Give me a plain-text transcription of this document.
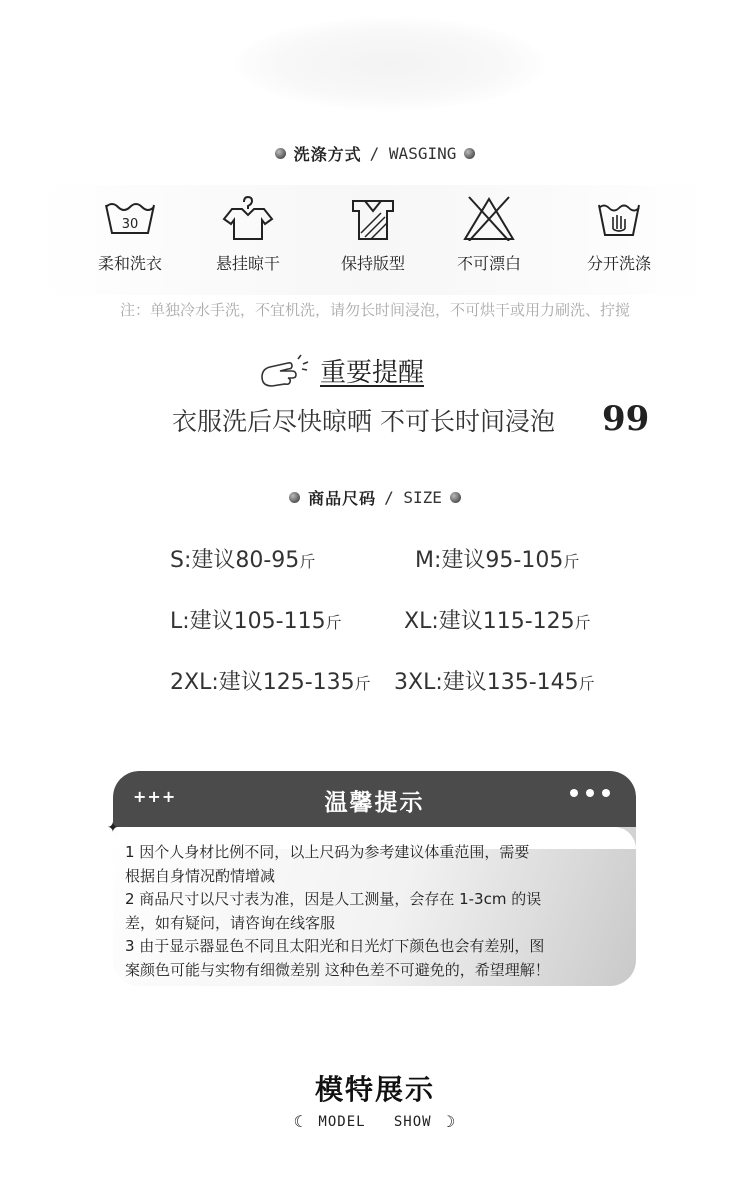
洗涤方式 / WASGING
30
柔和洗衣	悬挂晾干	保持版型	不可漂白	分开洗涤
注：单独冷水手洗，不宜机洗，请勿长时间浸泡，不可烘干或用力刷洗、拧搅
重要提醒
衣服洗后尽快晾晒 不可长时间浸泡 99
商品尺码 / SIZE
S:建议80-95斤	M:建议95-105斤
L:建议105-115斤	XL:建议115-125斤
2XL:建议125-135斤 3XL:建议135-145斤
+++	温馨提示
1 因个人身材比例不同，以上尺码为参考建议体重范围，需要
根据自身情况酌情增减
2 商品尺寸以尺寸表为准，因是人工测量，会存在 1-3cm 的误
差，如有疑问，请咨询在线客服
3 由于显示器显色不同且太阳光和日光灯下颜色也会有差别，图
案颜色可能与实物有细微差别 这种色差不可避免的，希望理解！
✦
模特展示
☾ MODEL   SHOW ☽
